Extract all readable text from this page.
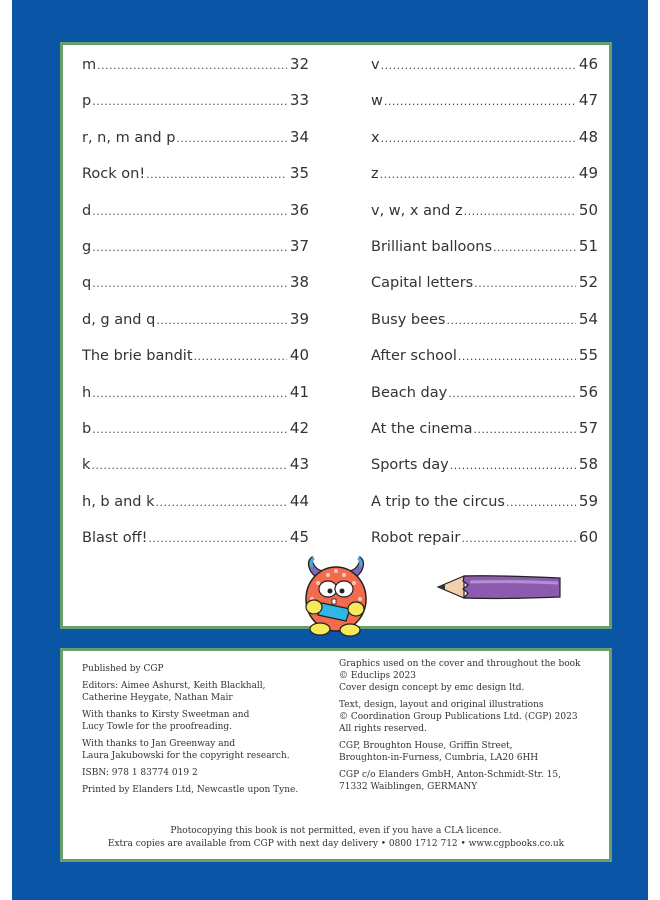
m .....	32
p .....	33
r, n, m and p .....	34
Rock on! .....	35
d .....	36
g .....	37
q .....	38
d, g and q .....	39
The brie bandit .....	40
h .....	41
b .....	42
k .....	43
h, b and k .....	44
Blast off! .....	45
v .....	46
w .....	47
x .....	48
z .....	49
v, w, x and z .....	50
Brilliant balloons .....	51
Capital letters .....	52
Busy bees .....	54
After school .....	55
Beach day .....	56
At the cinema .....	57
Sports day .....	58
A trip to the circus .....	59
Robot repair .....	60

Published by CGP

Editors: Aimee Ashurst, Keith Blackhall,
Catherine Heygate, Nathan Mair

With thanks to Kirsty Sweetman and
Lucy Towle for the proofreading.

With thanks to Jan Greenway and
Laura Jakubowski for the copyright research.

ISBN: 978 1 83774 019 2

Printed by Elanders Ltd, Newcastle upon Tyne.

Graphics used on the cover and throughout the book
© Educlips 2023
Cover design concept by emc design ltd.

Text, design, layout and original illustrations
© Coordination Group Publications Ltd. (CGP) 2023
All rights reserved.

CGP, Broughton House, Griffin Street,
Broughton-in-Furness, Cumbria, LA20 6HH

CGP c/o Elanders GmbH, Anton-Schmidt-Str. 15,
71332 Waiblingen, GERMANY

Photocopying this book is not permitted, even if you have a CLA licence.
Extra copies are available from CGP with next day delivery • 0800 1712 712 • www.cgpbooks.co.uk
